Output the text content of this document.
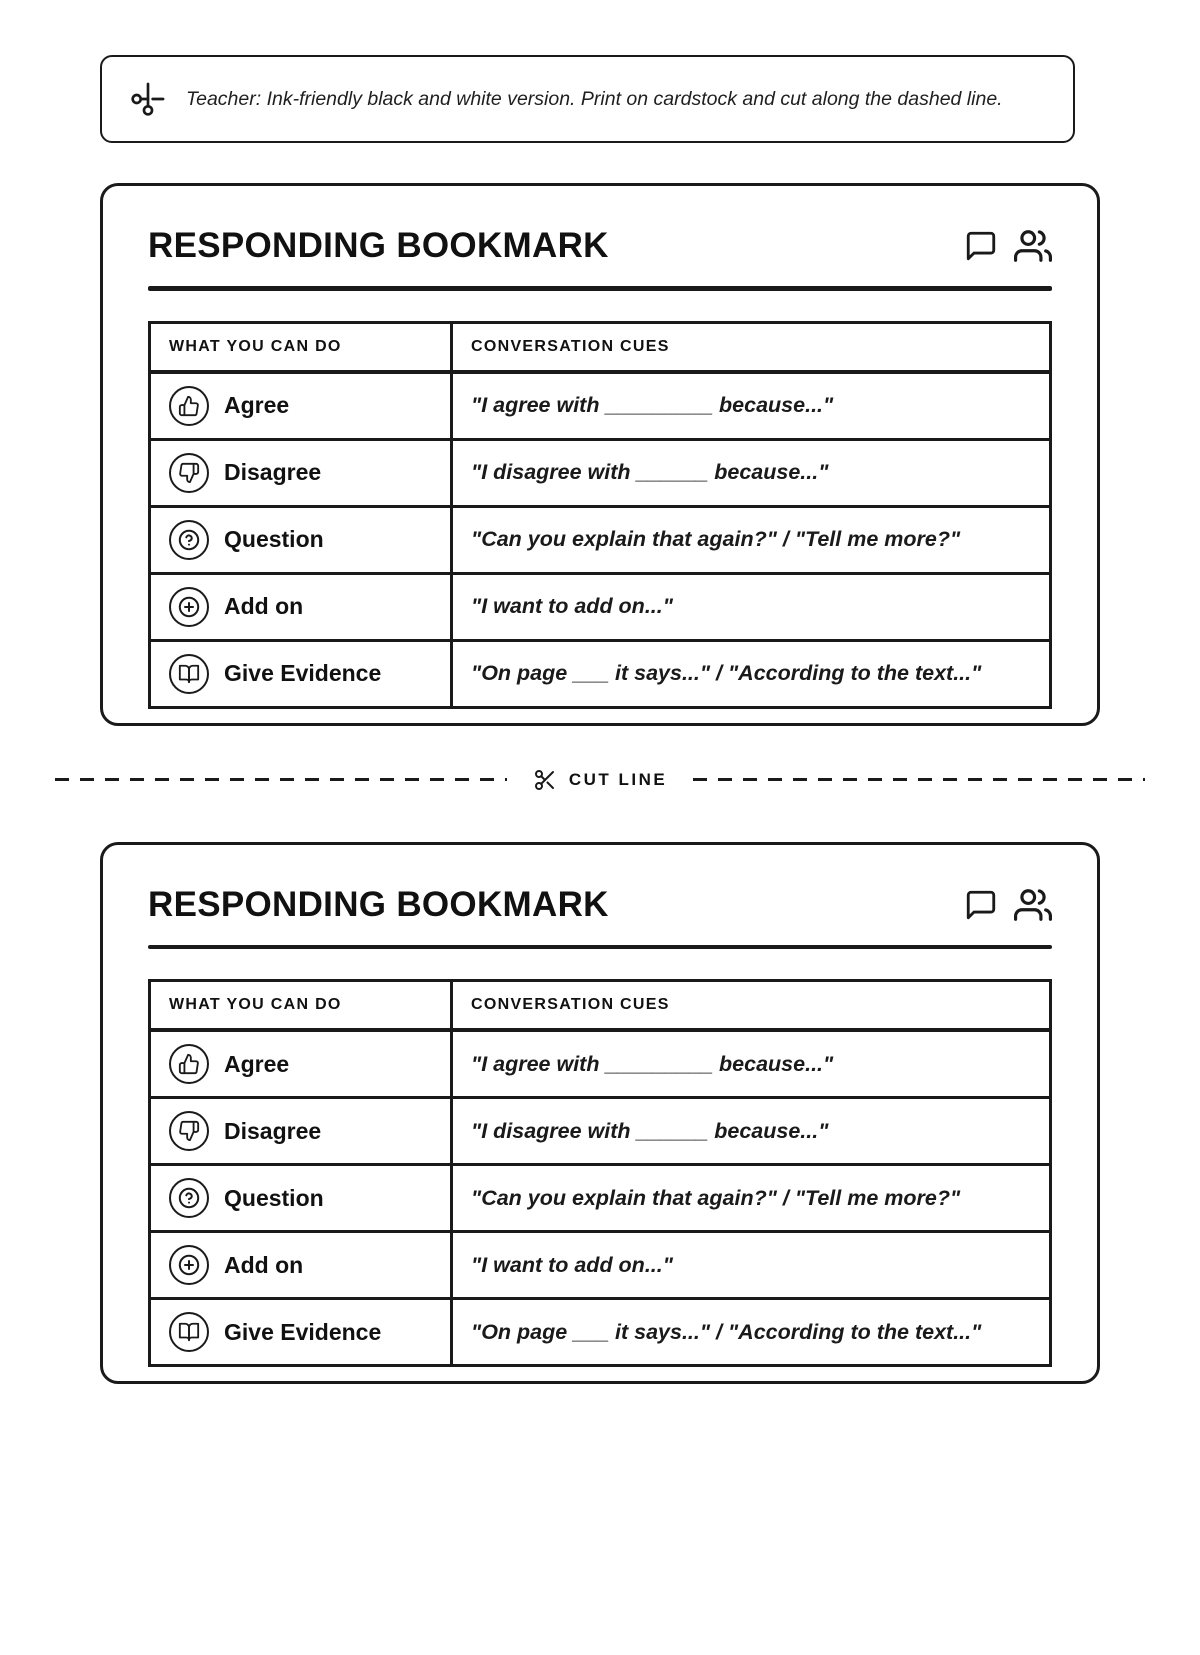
Teacher: Ink-friendly black and white version. Print on cardstock and cut along the dashed line.

RESPONDING BOOKMARK
WHAT YOU CAN DO	CONVERSATION CUES

Agree	"I agree with _________ because..."

Disagree	"I disagree with ______ because..."

Question	"Can you explain that again?" / "Tell me more?"

Add on	"I want to add on..."

Give Evidence	"On page ___ it says..." / "According to the text..."
CUT LINE
RESPONDING BOOKMARK
WHAT YOU CAN DO	CONVERSATION CUES

Agree	"I agree with _________ because..."

Disagree	"I disagree with ______ because..."

Question	"Can you explain that again?" / "Tell me more?"

Add on	"I want to add on..."

Give Evidence	"On page ___ it says..." / "According to the text..."
